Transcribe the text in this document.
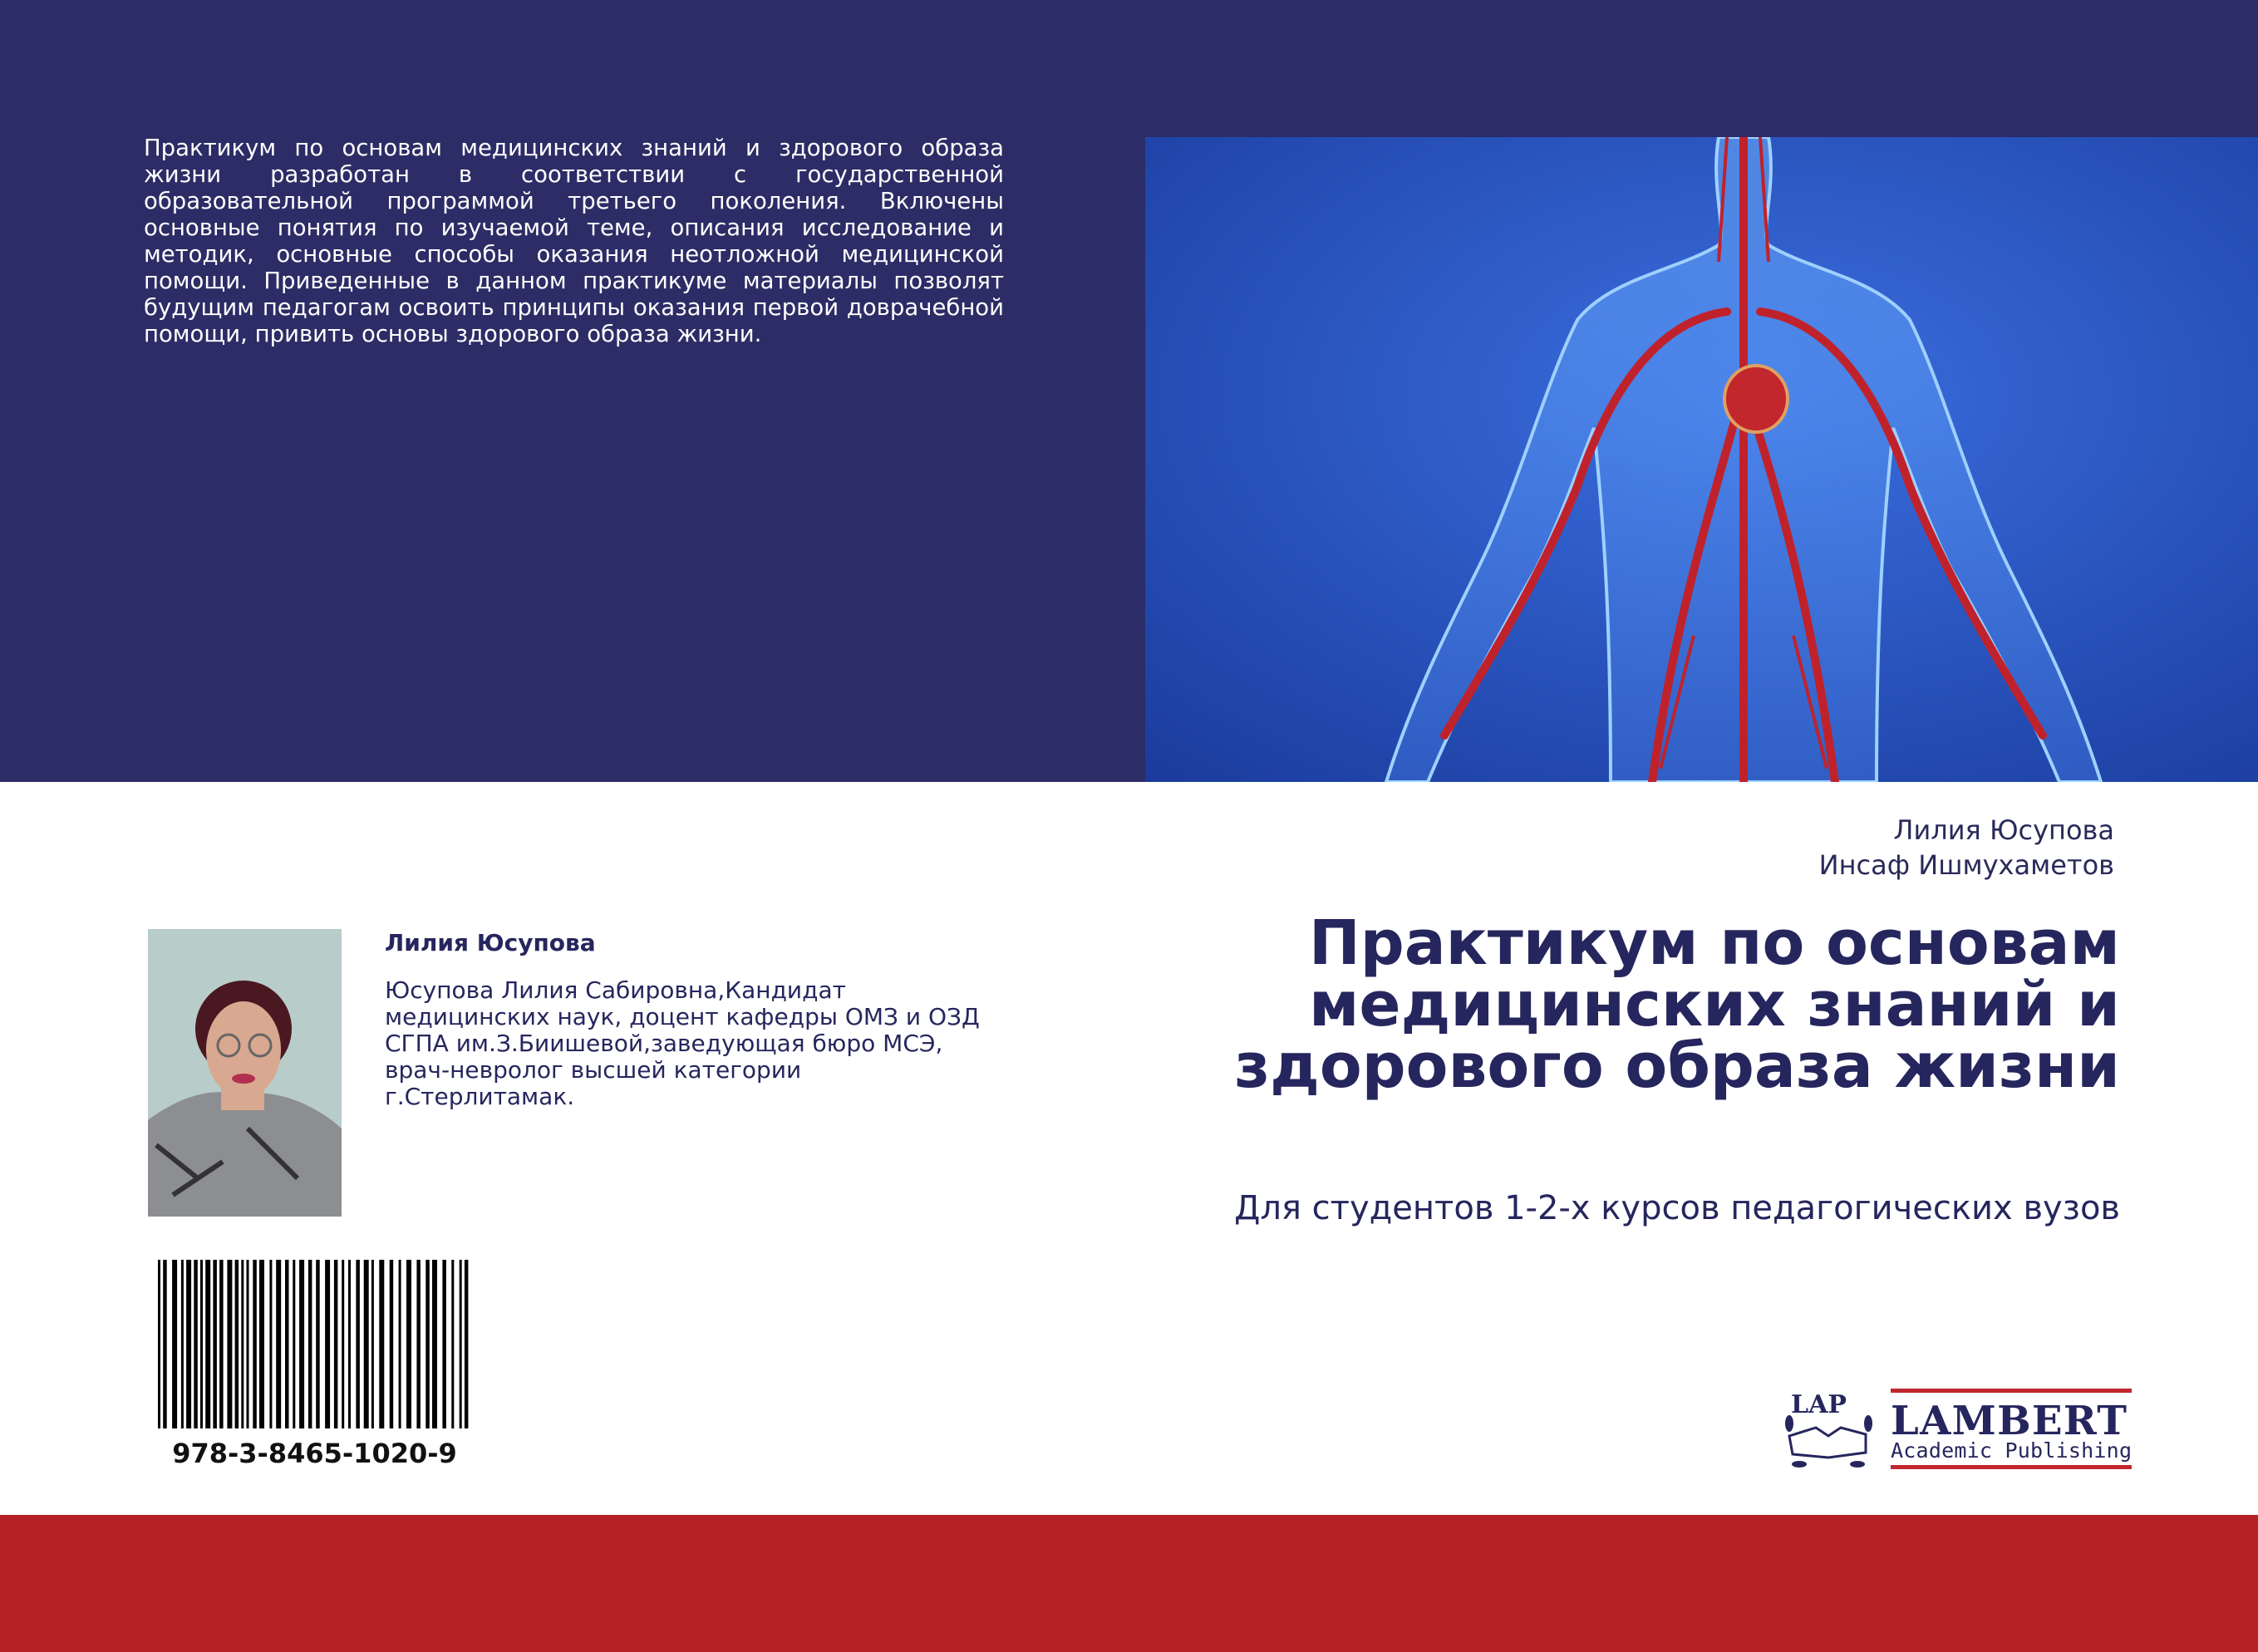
Практикум по основам медицинских знаний и здорового образа жизни разработан в соответствии с государственной образовательной программой третьего поколения. Включены основные понятия по изучаемой теме, описания исследование и методик, основные способы оказания неотложной медицинской помощи. Приведенные в данном практикуме материалы позволят будущим педагогам освоить принципы оказания первой доврачебной помощи, привить основы здорового образа жизни.

Лилия Юсупова
Инсаф Ишмухаметов
Практикум по основам медицинских знаний и здорового образа жизни
Для студентов 1-2-х курсов педагогических вузов
Лилия Юсупова
Юсупова Лилия Сабировна,Кандидат медицинских наук, доцент кафедры ОМЗ и ОЗД СГПА им.З.Биишевой,заведующая бюро МСЭ, врач-невролог высшей категории г.Стерлитамак.
978-3-8465-1020-9
LAP LAMBERT
Academic Publishing
